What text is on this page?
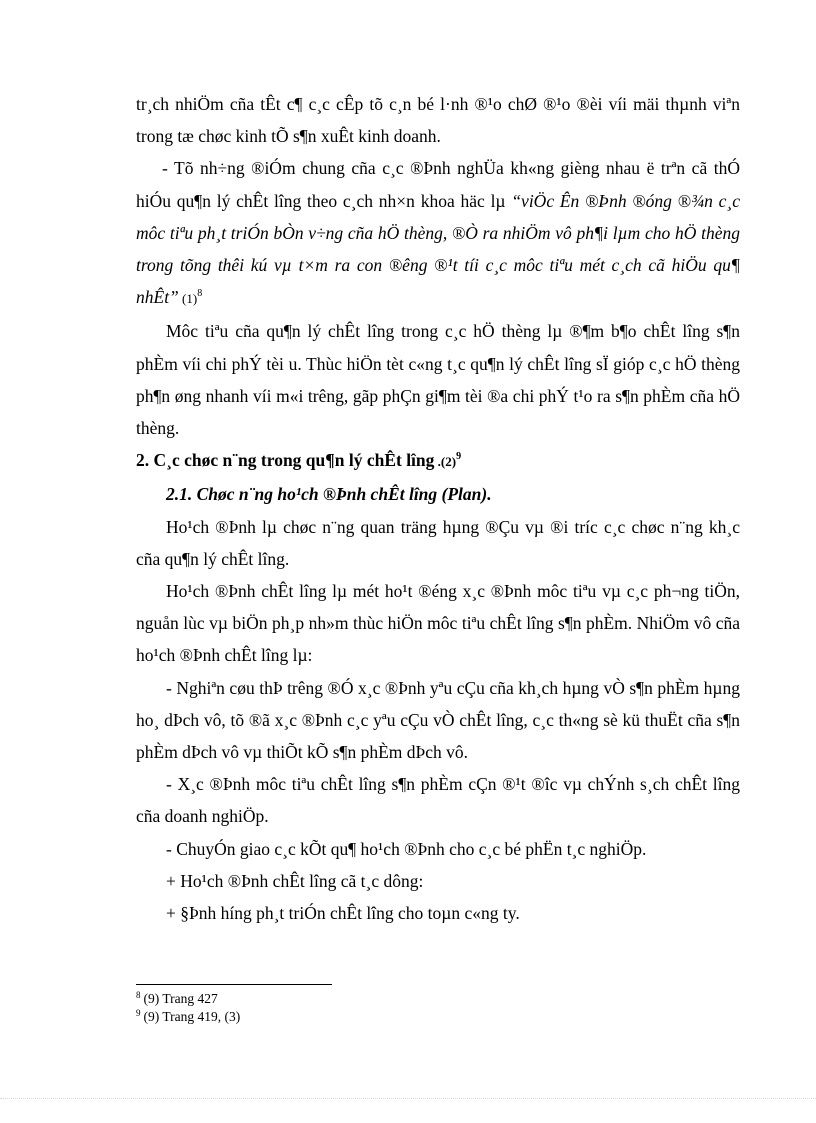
tr¸ch nhiÖm cña tÊt c¶ c¸c cÊp tõ c¸n bé l·nh ®¹o chØ ®¹o ®èi víi mäi thµnh viªn trong tæ chøc kinh tÕ s¶n xuÊt kinh doanh.

- Tõ nh÷ng ®iÓm chung cña c¸c ®Þnh nghÜa kh«ng gièng nhau ë trªn cã thÓ hiÓu qu¶n lý chÊt lîng theo c¸ch nh×n khoa häc lµ “viÖc Ên ®Þnh ®óng ®¾n c¸c môc tiªu ph¸t triÓn bÒn v÷ng cña hÖ thèng, ®Ò ra nhiÖm vô ph¶i lµm cho hÖ thèng trong tõng thêi kú vµ t×m ra con ®êng ®¹t tíi c¸c môc tiªu mét c¸ch cã hiÖu qu¶ nhÊt” $(1)^8$

Môc tiªu cña qu¶n lý chÊt lîng trong c¸c hÖ thèng lµ ®¶m b¶o chÊt lîng s¶n phÈm víi chi phÝ tèi u. Thùc hiÖn tèt c«ng t¸c qu¶n lý chÊt lîng sÏ gióp c¸c hÖ thèng ph¶n øng nhanh víi m«i trêng, gãp phÇn gi¶m tèi ®a chi phÝ t¹o ra s¶n phÈm cña hÖ thèng.

2. C¸c chøc n¨ng trong qu¶n lý chÊt lîng $.(2)^9$

2.1. Chøc n¨ng ho¹ch ®Þnh chÊt lîng (Plan).

Ho¹ch ®Þnh lµ chøc n¨ng quan träng hµng ®Çu vµ ®i tríc c¸c chøc n¨ng kh¸c cña qu¶n lý chÊt lîng.

Ho¹ch ®Þnh chÊt lîng lµ mét ho¹t ®éng x¸c ®Þnh môc tiªu vµ c¸c ph¬ng tiÖn, nguån lùc vµ biÖn ph¸p nh»m thùc hiÖn môc tiªu chÊt lîng s¶n phÈm. NhiÖm vô cña ho¹ch ®Þnh chÊt lîng lµ:

- Nghiªn cøu thÞ trêng ®Ó x¸c ®Þnh yªu cÇu cña kh¸ch hµng vÒ s¶n phÈm hµng ho¸ dÞch vô, tõ ®ã x¸c ®Þnh c¸c yªu cÇu vÒ chÊt lîng, c¸c th«ng sè kü thuËt cña s¶n phÈm dÞch vô vµ thiÕt kÕ s¶n phÈm dÞch vô.

- X¸c ®Þnh môc tiªu chÊt lîng s¶n phÈm cÇn ®¹t ®îc vµ chÝnh s¸ch chÊt lîng cña doanh nghiÖp.

- ChuyÓn giao c¸c kÕt qu¶ ho¹ch ®Þnh cho c¸c bé phËn t¸c nghiÖp.

+ Ho¹ch ®Þnh chÊt lîng cã t¸c dông:

+ §Þnh híng ph¸t triÓn chÊt lîng cho toµn c«ng ty.

$^8$ (9) Trang 427
$^9$ (9) Trang 419, (3)
